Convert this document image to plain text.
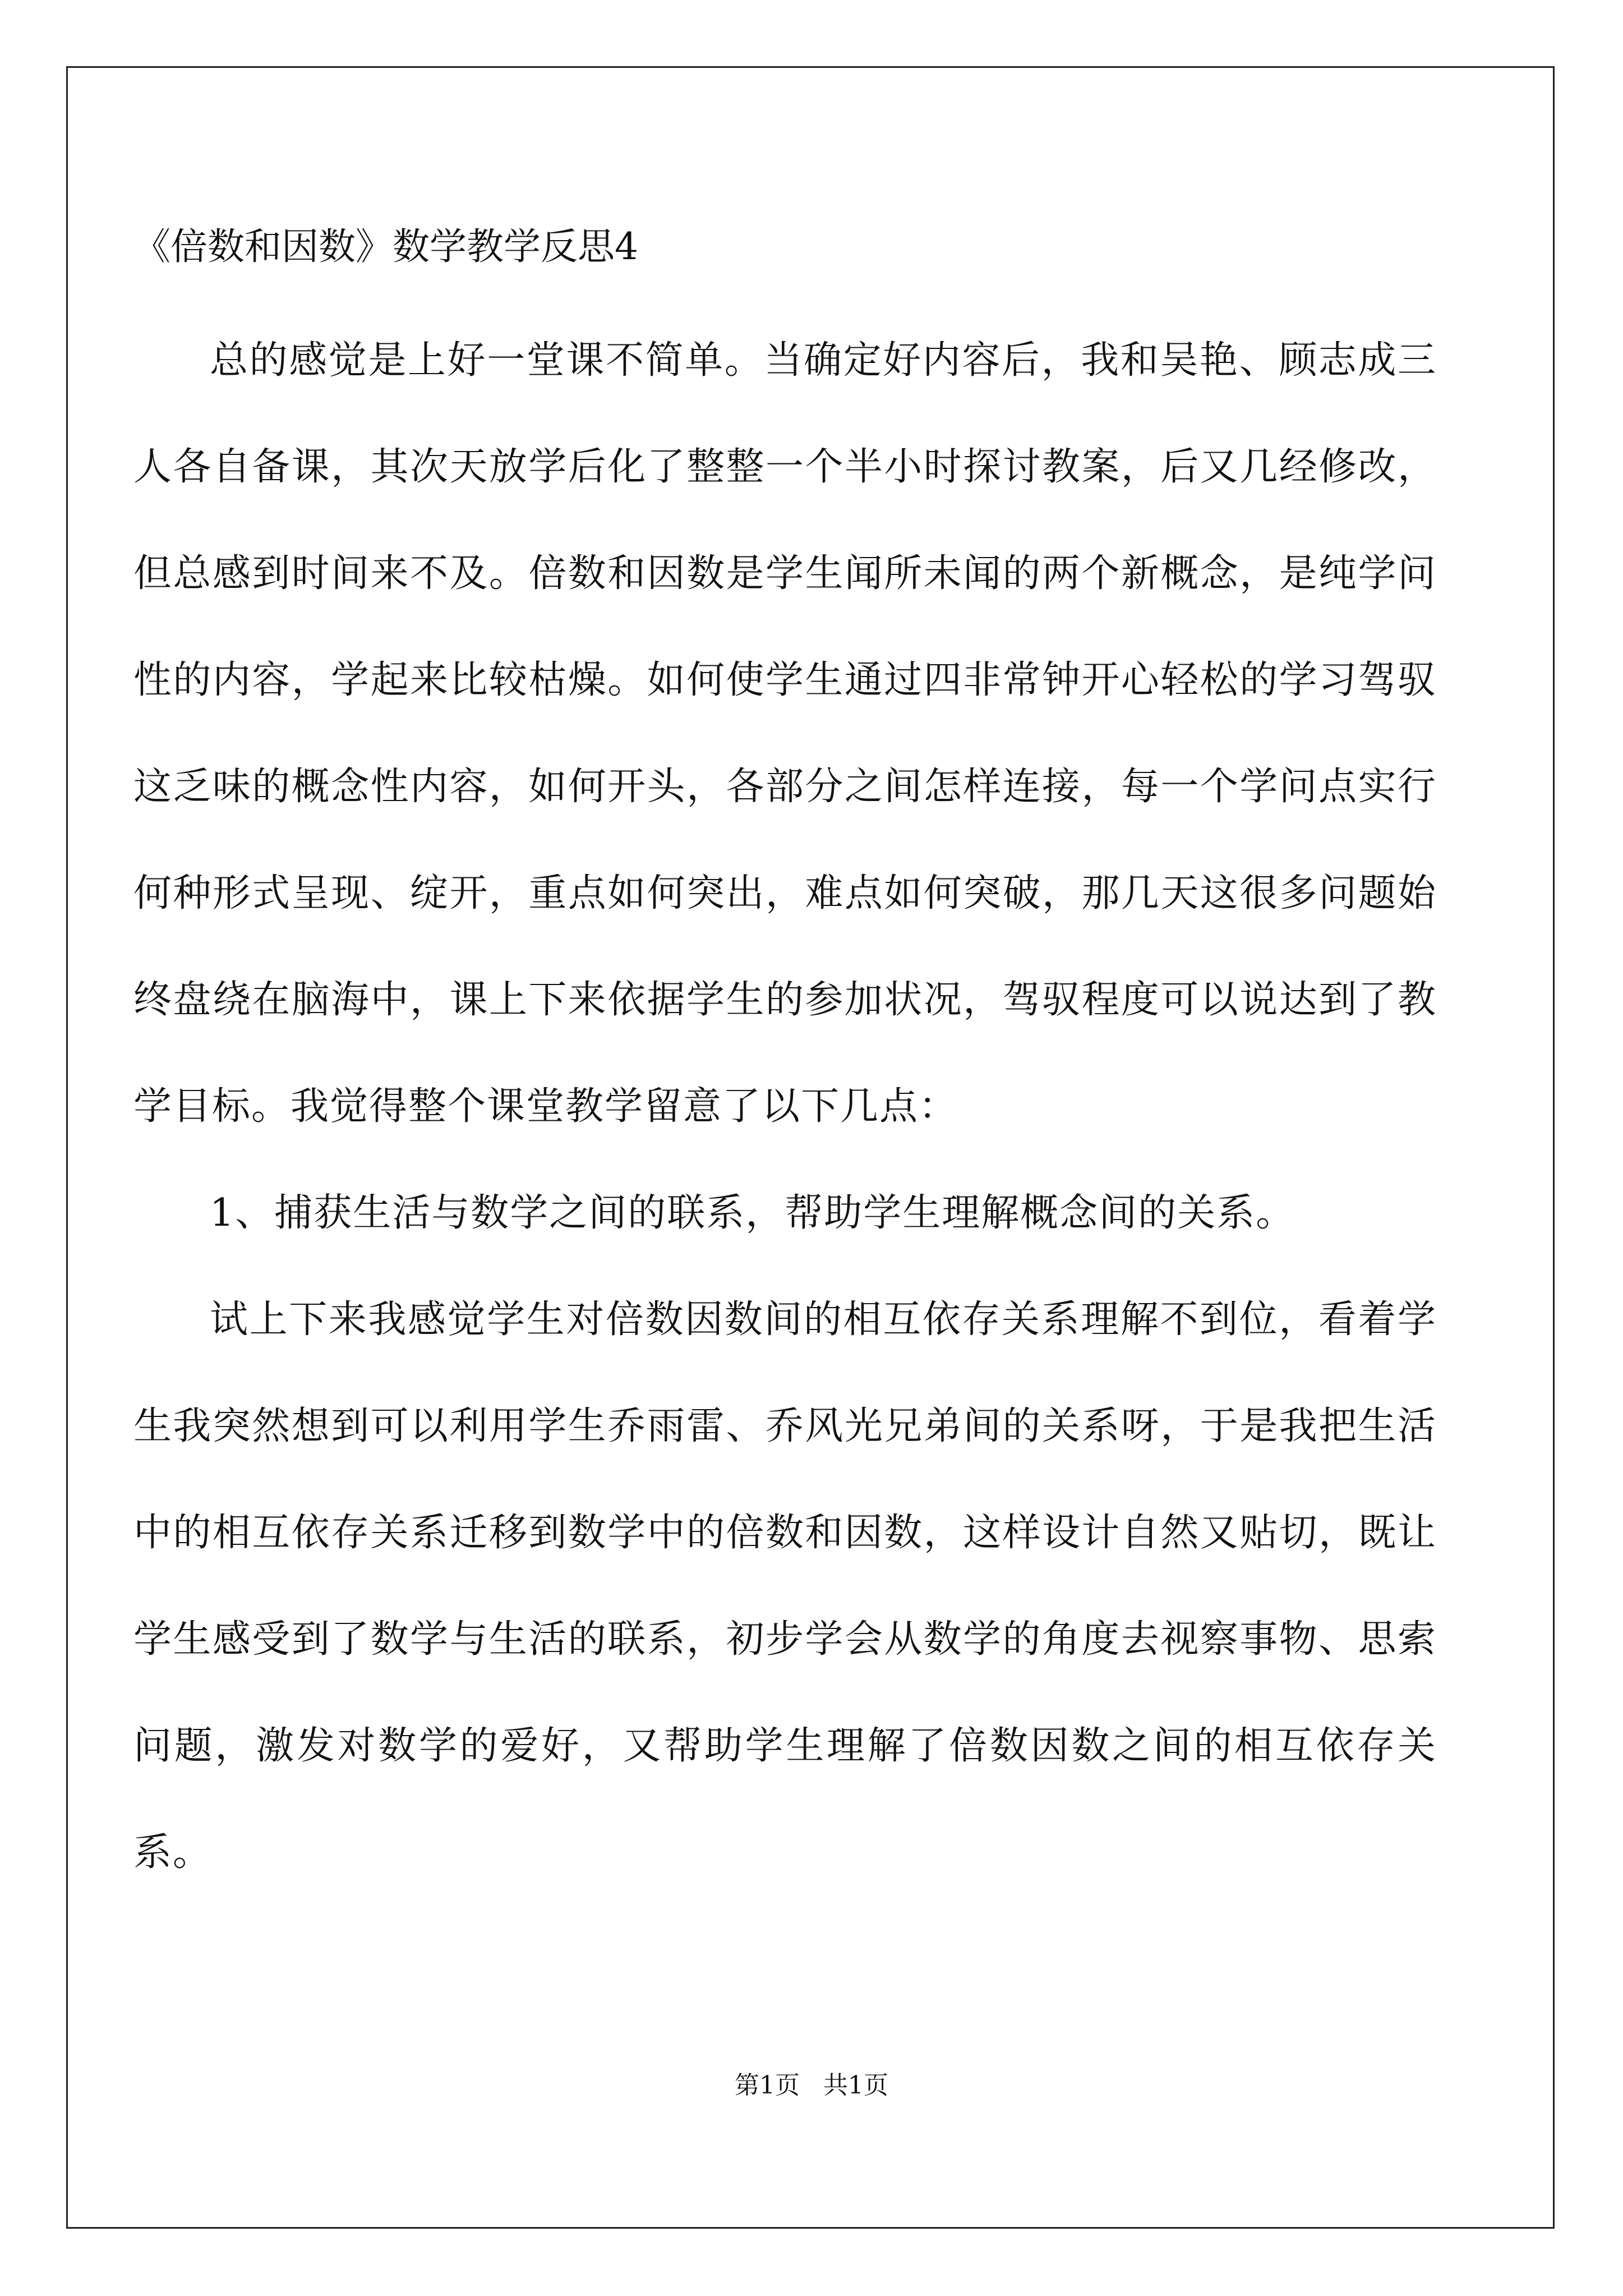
《倍数和因数》数学教学反思4

总的感觉是上好一堂课不简单。当确定好内容后，我和吴艳、顾志成三人各自备课，其次天放学后化了整整一个半小时探讨教案，后又几经修改，但总感到时间来不及。倍数和因数是学生闻所未闻的两个新概念，是纯学问性的内容，学起来比较枯燥。如何使学生通过四非常钟开心轻松的学习驾驭这乏味的概念性内容，如何开头，各部分之间怎样连接，每一个学问点实行何种形式呈现、绽开，重点如何突出，难点如何突破，那几天这很多问题始终盘绕在脑海中，课上下来依据学生的参加状况，驾驭程度可以说达到了教学目标。我觉得整个课堂教学留意了以下几点：

1、捕获生活与数学之间的联系，帮助学生理解概念间的关系。

试上下来我感觉学生对倍数因数间的相互依存关系理解不到位，看着学生我突然想到可以利用学生乔雨雷、乔风光兄弟间的关系呀，于是我把生活中的相互依存关系迁移到数学中的倍数和因数，这样设计自然又贴切，既让学生感受到了数学与生活的联系，初步学会从数学的角度去视察事物、思索问题，激发对数学的爱好，又帮助学生理解了倍数因数之间的相互依存关系。

第1页   共1页
